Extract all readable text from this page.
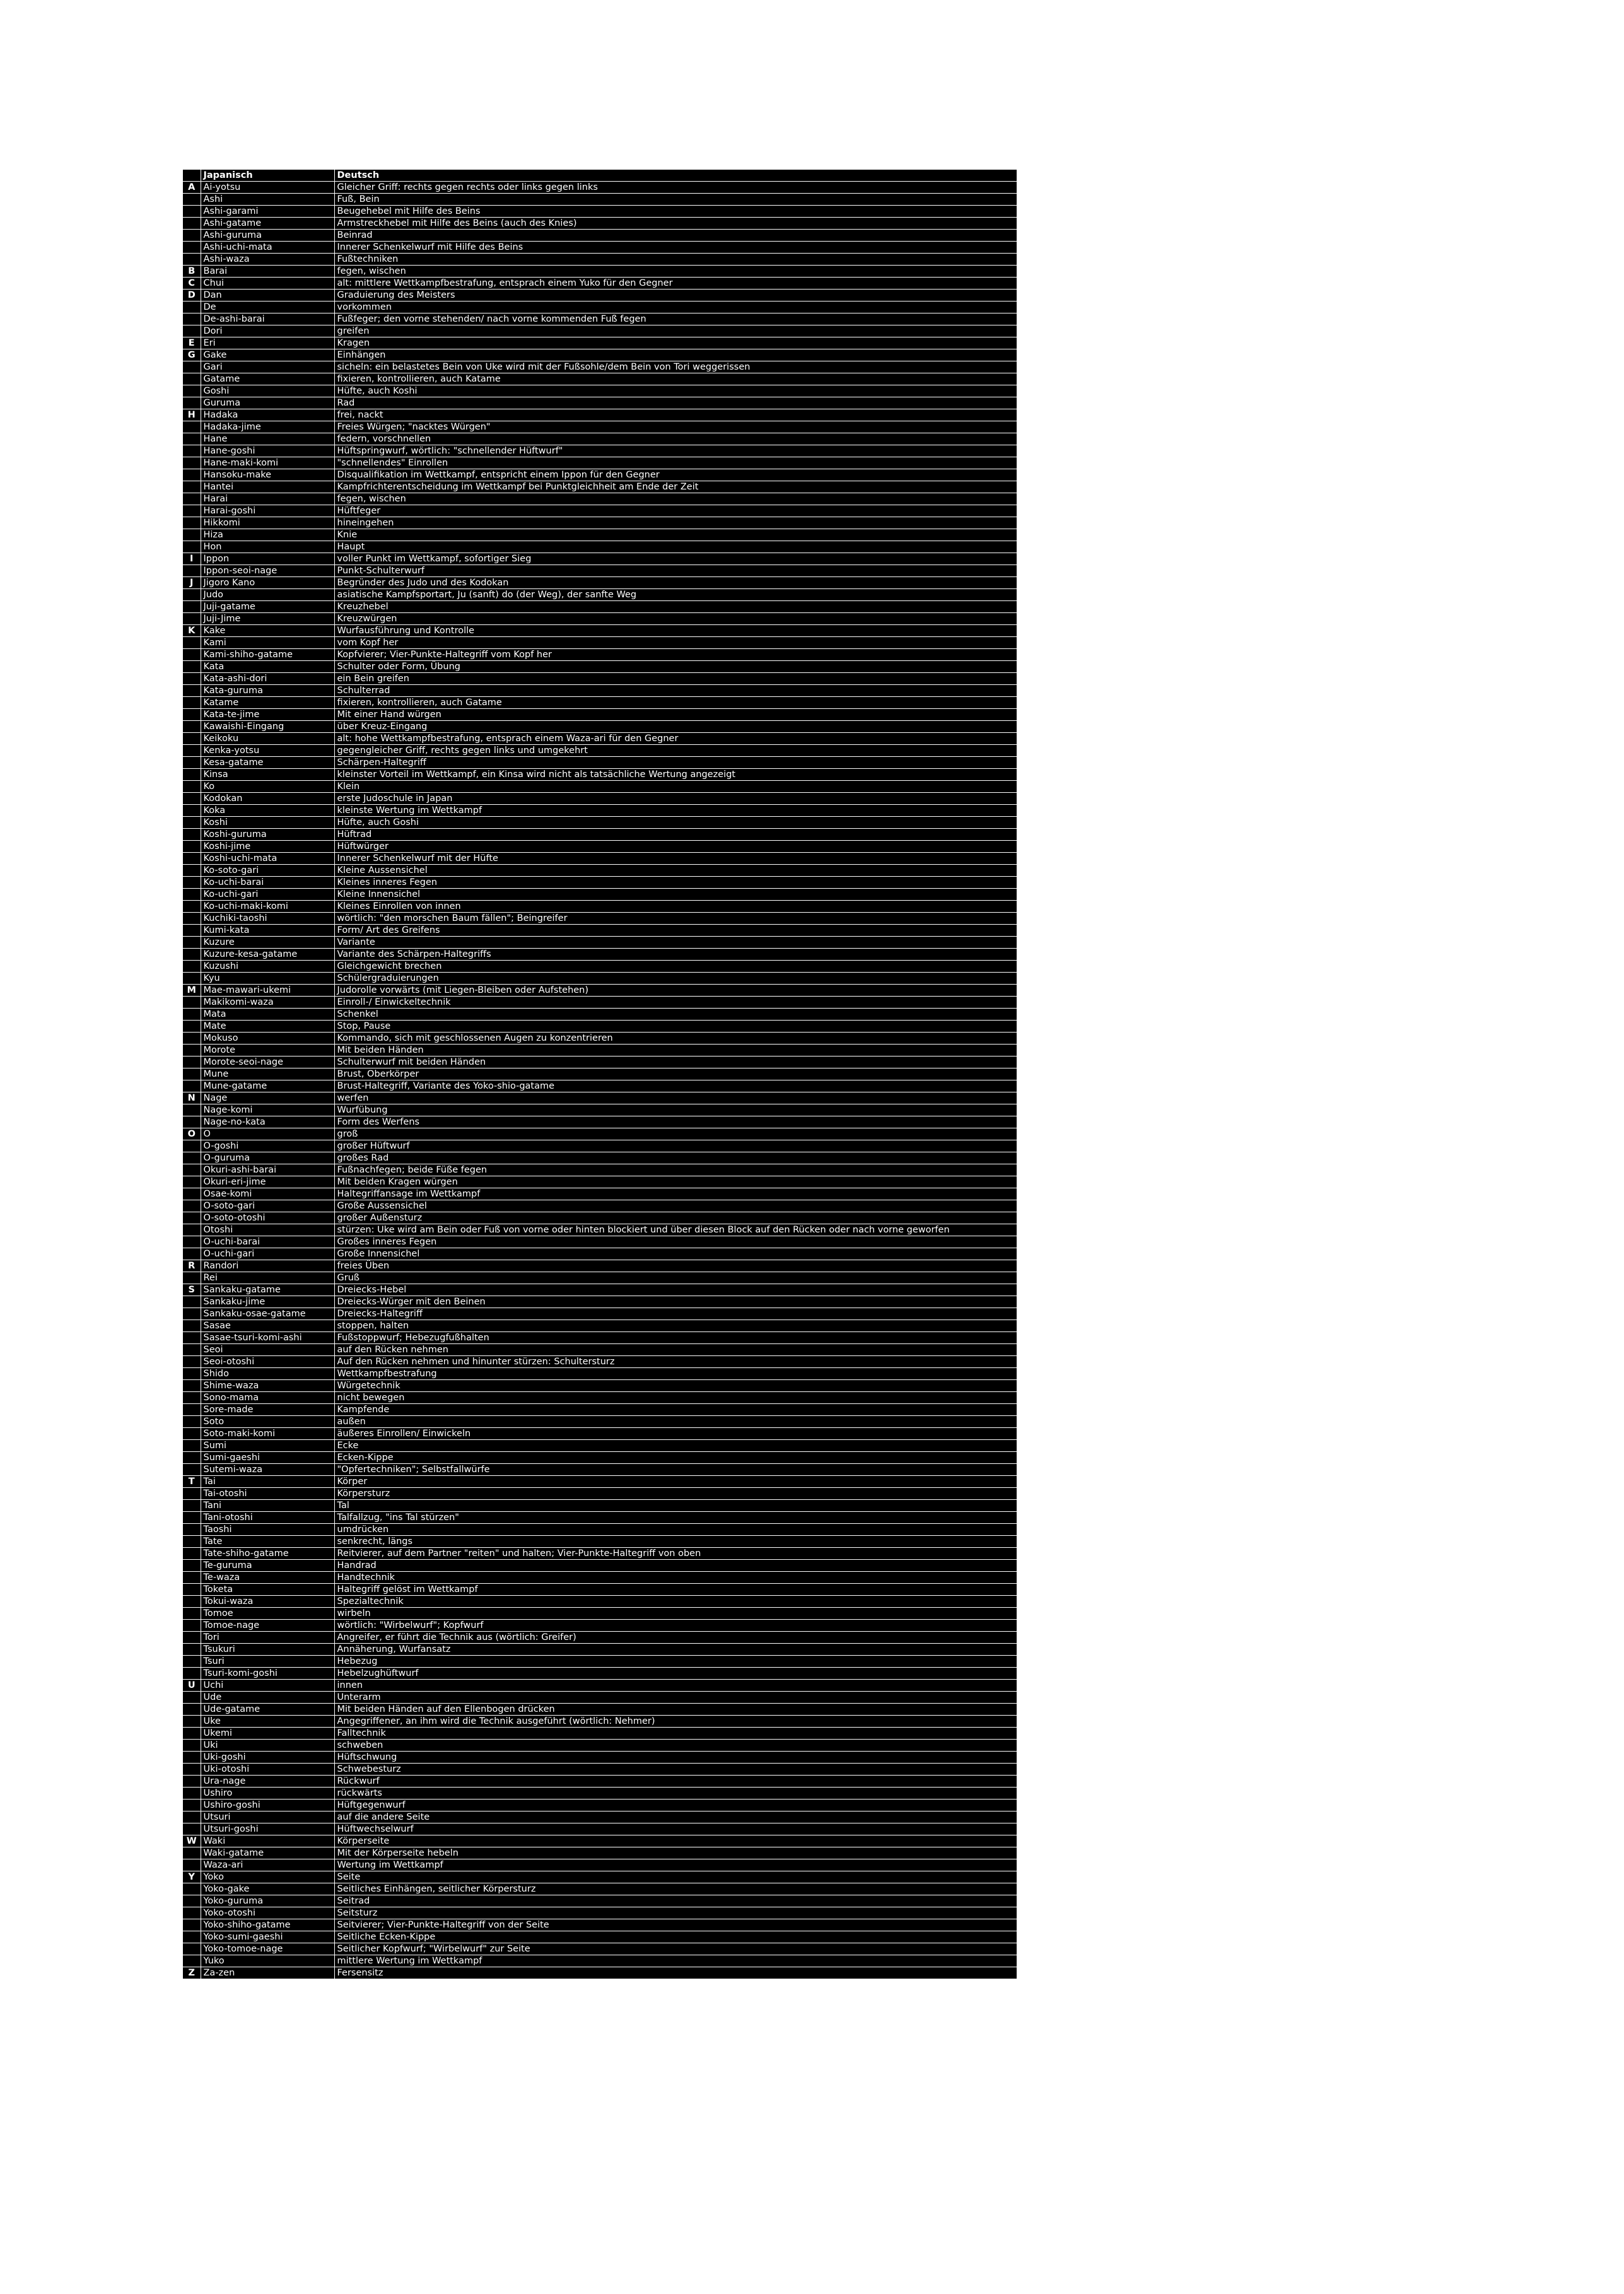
	Japanisch	Deutsch
A	Ai-yotsu	Gleicher Griff: rechts gegen rechts oder links gegen links
	Ashi	Fuß, Bein
	Ashi-garami	Beugehebel mit Hilfe des Beins
	Ashi-gatame	Armstreckhebel mit Hilfe des Beins (auch des Knies)
	Ashi-guruma	Beinrad
	Ashi-uchi-mata	Innerer Schenkelwurf mit Hilfe des Beins
	Ashi-waza	Fußtechniken
B	Barai	fegen, wischen
C	Chui	alt: mittlere Wettkampfbestrafung, entsprach einem Yuko für den Gegner
D	Dan	Graduierung des Meisters
	De	vorkommen
	De-ashi-barai	Fußfeger; den vorne stehenden/ nach vorne kommenden Fuß fegen
	Dori	greifen
E	Eri	Kragen
G	Gake	Einhängen
	Gari	sicheln: ein belastetes Bein von Uke wird mit der Fußsohle/dem Bein von Tori weggerissen
	Gatame	fixieren, kontrollieren, auch Katame
	Goshi	Hüfte, auch Koshi
	Guruma	Rad
H	Hadaka	frei, nackt
	Hadaka-jime	Freies Würgen; "nacktes Würgen"
	Hane	federn, vorschnellen
	Hane-goshi	Hüftspringwurf, wörtlich: "schnellender Hüftwurf"
	Hane-maki-komi	"schnellendes" Einrollen
	Hansoku-make	Disqualifikation im Wettkampf, entspricht einem Ippon für den Gegner
	Hantei	Kampfrichterentscheidung im Wettkampf bei Punktgleichheit am Ende der Zeit
	Harai	fegen, wischen
	Harai-goshi	Hüftfeger
	Hikkomi	hineingehen
	Hiza	Knie
	Hon	Haupt
I	Ippon	voller Punkt im Wettkampf, sofortiger Sieg
	Ippon-seoi-nage	Punkt-Schulterwurf
J	Jigoro Kano	Begründer des Judo und des Kodokan
	Judo	asiatische Kampfsportart, Ju (sanft) do (der Weg), der sanfte Weg
	Juji-gatame	Kreuzhebel
	Juji-Jime	Kreuzwürgen
K	Kake	Wurfausführung und Kontrolle
	Kami	vom Kopf her
	Kami-shiho-gatame	Kopfvierer; Vier-Punkte-Haltegriff vom Kopf her
	Kata	Schulter oder Form, Übung
	Kata-ashi-dori	ein Bein greifen
	Kata-guruma	Schulterrad
	Katame	fixieren, kontrollieren, auch Gatame
	Kata-te-jime	Mit einer Hand würgen
	Kawaishi-Eingang	über Kreuz-Eingang
	Keikoku	alt: hohe Wettkampfbestrafung, entsprach einem Waza-ari für den Gegner
	Kenka-yotsu	gegengleicher Griff, rechts gegen links und umgekehrt
	Kesa-gatame	Schärpen-Haltegriff
	Kinsa	kleinster Vorteil im Wettkampf, ein Kinsa wird nicht als tatsächliche Wertung angezeigt
	Ko	Klein
	Kodokan	erste Judoschule in Japan
	Koka	kleinste Wertung im Wettkampf
	Koshi	Hüfte, auch Goshi
	Koshi-guruma	Hüftrad
	Koshi-jime	Hüftwürger
	Koshi-uchi-mata	Innerer Schenkelwurf mit der Hüfte
	Ko-soto-gari	Kleine Aussensichel
	Ko-uchi-barai	Kleines inneres Fegen
	Ko-uchi-gari	Kleine Innensichel
	Ko-uchi-maki-komi	Kleines Einrollen von innen
	Kuchiki-taoshi	wörtlich: "den morschen Baum fällen"; Beingreifer
	Kumi-kata	Form/ Art des Greifens
	Kuzure	Variante
	Kuzure-kesa-gatame	Variante des Schärpen-Haltegriffs
	Kuzushi	Gleichgewicht brechen
	Kyu	Schülergraduierungen
M	Mae-mawari-ukemi	Judorolle vorwärts (mit Liegen-Bleiben oder Aufstehen)
	Makikomi-waza	Einroll-/ Einwickeltechnik
	Mata	Schenkel
	Mate	Stop, Pause
	Mokuso	Kommando, sich mit geschlossenen Augen zu konzentrieren
	Morote	Mit beiden Händen
	Morote-seoi-nage	Schulterwurf mit beiden Händen
	Mune	Brust, Oberkörper
	Mune-gatame	Brust-Haltegriff, Variante des Yoko-shio-gatame
N	Nage	werfen
	Nage-komi	Wurfübung
	Nage-no-kata	Form des Werfens
O	O	groß
	O-goshi	großer Hüftwurf
	O-guruma	großes Rad
	Okuri-ashi-barai	Fußnachfegen; beide Füße fegen
	Okuri-eri-jime	Mit beiden Kragen würgen
	Osae-komi	Haltegriffansage im Wettkampf
	O-soto-gari	Große Aussensichel
	O-soto-otoshi	großer Außensturz
	Otoshi	stürzen: Uke wird am Bein oder Fuß von vorne oder hinten blockiert und über diesen Block auf den Rücken oder nach vorne geworfen
	O-uchi-barai	Großes inneres Fegen
	O-uchi-gari	Große Innensichel
R	Randori	freies Üben
	Rei	Gruß
S	Sankaku-gatame	Dreiecks-Hebel
	Sankaku-jime	Dreiecks-Würger mit den Beinen
	Sankaku-osae-gatame	Dreiecks-Haltegriff
	Sasae	stoppen, halten
	Sasae-tsuri-komi-ashi	Fußstoppwurf; Hebezugfußhalten
	Seoi	auf den Rücken nehmen
	Seoi-otoshi	Auf den Rücken nehmen und hinunter stürzen: Schultersturz
	Shido	Wettkampfbestrafung
	Shime-waza	Würgetechnik
	Sono-mama	nicht bewegen
	Sore-made	Kampfende
	Soto	außen
	Soto-maki-komi	äußeres Einrollen/ Einwickeln
	Sumi	Ecke
	Sumi-gaeshi	Ecken-Kippe
	Sutemi-waza	"Opfertechniken"; Selbstfallwürfe
T	Tai	Körper
	Tai-otoshi	Körpersturz
	Tani	Tal
	Tani-otoshi	Talfallzug, "ins Tal stürzen"
	Taoshi	umdrücken
	Tate	senkrecht, längs
	Tate-shiho-gatame	Reitvierer, auf dem Partner "reiten" und halten; Vier-Punkte-Haltegriff von oben
	Te-guruma	Handrad
	Te-waza	Handtechnik
	Toketa	Haltegriff gelöst im Wettkampf
	Tokui-waza	Spezialtechnik
	Tomoe	wirbeln
	Tomoe-nage	wörtlich: "Wirbelwurf"; Kopfwurf
	Tori	Angreifer, er führt die Technik aus (wörtlich: Greifer)
	Tsukuri	Annäherung, Wurfansatz
	Tsuri	Hebezug
	Tsuri-komi-goshi	Hebelzughüftwurf
U	Uchi	innen
	Ude	Unterarm
	Ude-gatame	Mit beiden Händen auf den Ellenbogen drücken
	Uke	Angegriffener, an ihm wird die Technik ausgeführt (wörtlich: Nehmer)
	Ukemi	Falltechnik
	Uki	schweben
	Uki-goshi	Hüftschwung
	Uki-otoshi	Schwebesturz
	Ura-nage	Rückwurf
	Ushiro	rückwärts
	Ushiro-goshi	Hüftgegenwurf
	Utsuri	auf die andere Seite
	Utsuri-goshi	Hüftwechselwurf
W	Waki	Körperseite
	Waki-gatame	Mit der Körperseite hebeln
	Waza-ari	Wertung im Wettkampf
Y	Yoko	Seite
	Yoko-gake	Seitliches Einhängen, seitlicher Körpersturz
	Yoko-guruma	Seitrad
	Yoko-otoshi	Seitsturz
	Yoko-shiho-gatame	Seitvierer; Vier-Punkte-Haltegriff von der Seite
	Yoko-sumi-gaeshi	Seitliche Ecken-Kippe
	Yoko-tomoe-nage	Seitlicher Kopfwurf; "Wirbelwurf" zur Seite
	Yuko	mittlere Wertung im Wettkampf
Z	Za-zen	Fersensitz
